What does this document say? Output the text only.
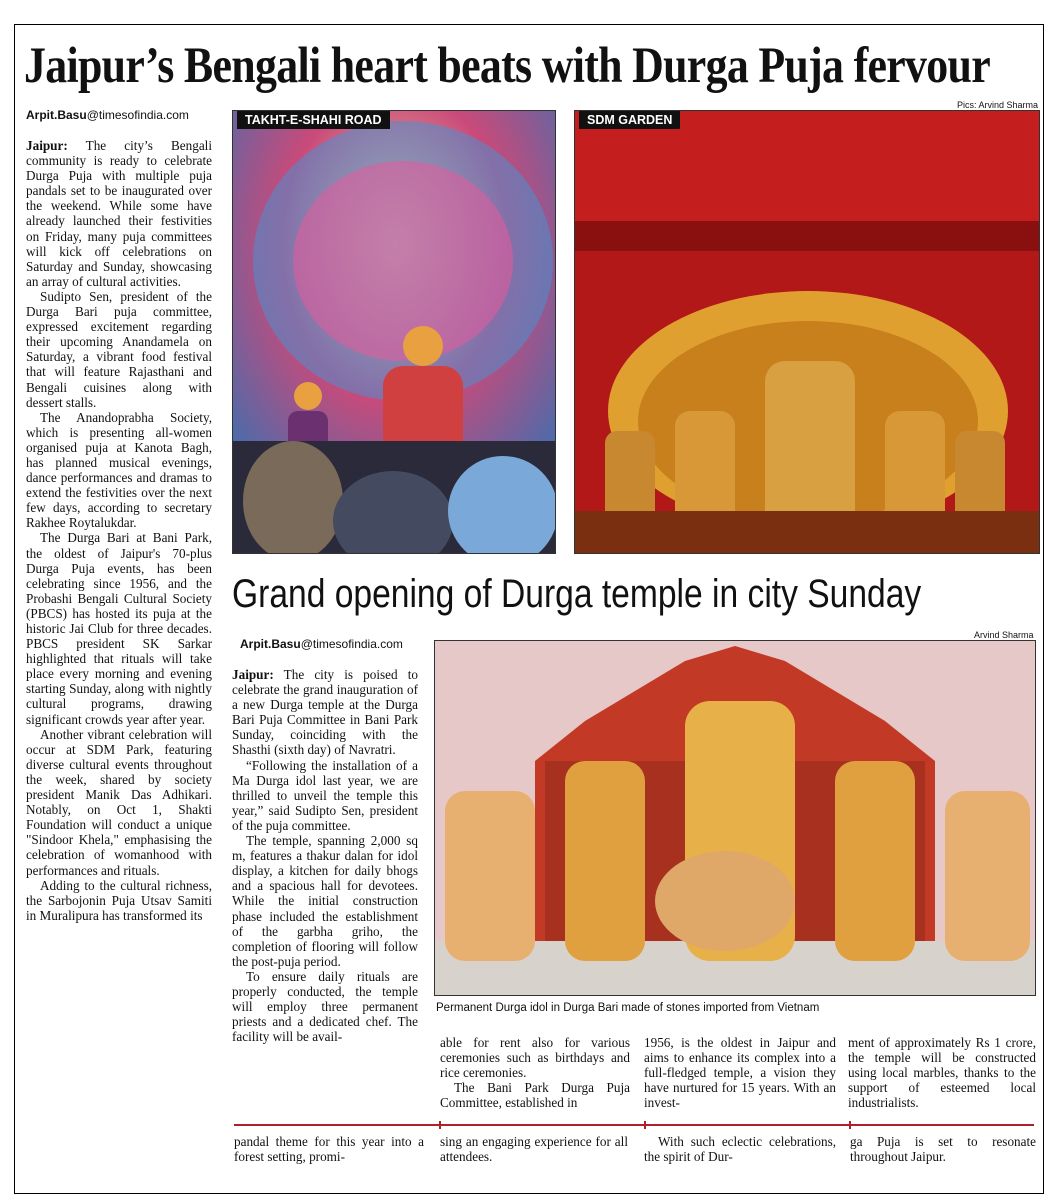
Jaipur’s Bengali heart beats with Durga Puja fervour
Pics: Arvind Sharma
Arpit.Basu@timesofindia.com

Jaipur: The city’s Bengali community is ready to celebrate Durga Puja with multiple puja pandals set to be inaugurated over the weekend. While some have already launched their festivities on Friday, many puja committees will kick off celebrations on Saturday and Sunday, showcasing an array of cultural activities.

Sudipto Sen, president of the Durga Bari puja committee, expressed excitement regarding their upcoming Anandamela on Saturday, a vibrant food festival that will feature Rajasthani and Bengali cuisines along with dessert stalls.

The Anandoprabha Society, which is presenting all-women organised puja at Kanota Bagh, has planned musical evenings, dance performances and dramas to extend the festivities over the next few days, according to secretary Rakhee Roytalukdar.

The Durga Bari at Bani Park, the oldest of Jaipur's 70-plus Durga Puja events, has been celebrating since 1956, and the Probashi Bengali Cultural Society (PBCS) has hosted its puja at the historic Jai Club for three decades. PBCS president SK Sarkar highlighted that rituals will take place every morning and evening starting Sunday, along with nightly cultural programs, drawing significant crowds year after year.

Another vibrant celebration will occur at SDM Park, featuring diverse cultural events throughout the week, shared by society president Manik Das Adhikari. Notably, on Oct 1, Shakti Foundation will conduct a unique "Sindoor Khela," emphasising the celebration of womanhood with performances and rituals.

Adding to the cultural richness, the Sarbojonin Puja Utsav Samiti in Muralipura has transformed its

TAKHT-E-SHAHI ROAD	SDM GARDEN
Grand opening of Durga temple in city Sunday
Arpit.Basu@timesofindia.com
Arvind Sharma

Jaipur: The city is poised to celebrate the grand inauguration of a new Durga temple at the Durga Bari Puja Committee in Bani Park Sunday, coinciding with the Shasthi (sixth day) of Navratri.

“Following the installation of a Ma Durga idol last year, we are thrilled to unveil the temple this year,” said Sudipto Sen, president of the puja committee.

The temple, spanning 2,000 sq m, features a thakur dalan for idol display, a kitchen for daily bhogs and a spacious hall for devotees. While the initial construction phase included the establishment of the garbha griho, the completion of flooring will follow the post-puja period.

To ensure daily rituals are properly conducted, the temple will employ three permanent priests and a dedicated chef. The facility will be avail-

Permanent Durga idol in Durga Bari made of stones imported from Vietnam

able for rent also for various ceremonies such as birthdays and rice ceremonies.

The Bani Park Durga Puja Committee, established in

1956, is the oldest in Jaipur and aims to enhance its complex into a full-fledged temple, a vision they have nurtured for 15 years. With an invest-

ment of approximately Rs 1 crore, the temple will be constructed using local marbles, thanks to the support of esteemed local industrialists.

pandal theme for this year into a forest setting, promi-

sing an engaging experience for all attendees.

With such eclectic celebrations, the spirit of Dur-

ga Puja is set to resonate throughout Jaipur.
